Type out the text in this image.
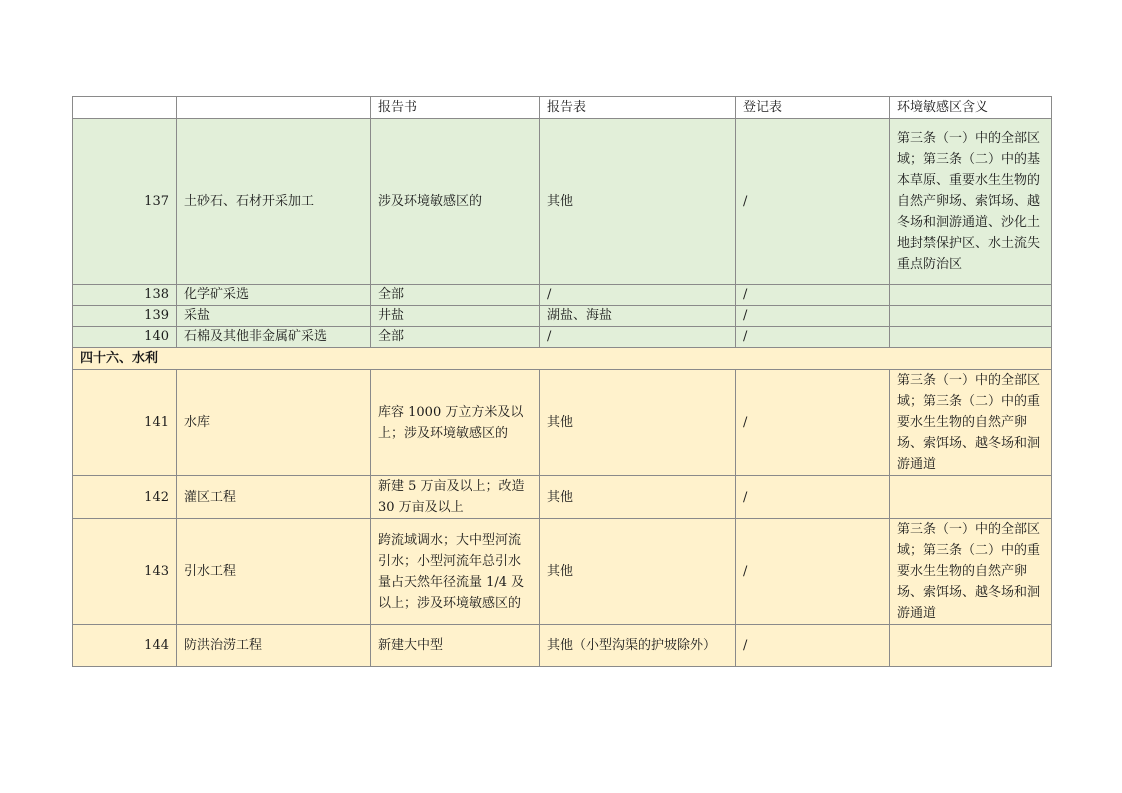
		报告书	报告表	登记表	环境敏感区含义
137	土砂石、石材开采加工	涉及环境敏感区的	其他	/	第三条（一）中的全部区域；第三条（二）中的基本草原、重要水生生物的自然产卵场、索饵场、越冬场和洄游通道、沙化土地封禁保护区、水土流失重点防治区
138	化学矿采选	全部	/	/	
139	采盐	井盐	湖盐、海盐	/	
140	石棉及其他非金属矿采选	全部	/	/	
四十六、水利					
141	水库	库容 1000 万立方米及以上；涉及环境敏感区的	其他	/	第三条（一）中的全部区域；第三条（二）中的重要水生生物的自然产卵场、索饵场、越冬场和洄游通道
142	灌区工程	新建 5 万亩及以上；改造 30 万亩及以上	其他	/	
143	引水工程	跨流域调水；大中型河流引水；小型河流年总引水量占天然年径流量 1/4 及以上；涉及环境敏感区的	其他	/	第三条（一）中的全部区域；第三条（二）中的重要水生生物的自然产卵场、索饵场、越冬场和洄游通道
144	防洪治涝工程	新建大中型	其他（小型沟渠的护坡除外）	/	
